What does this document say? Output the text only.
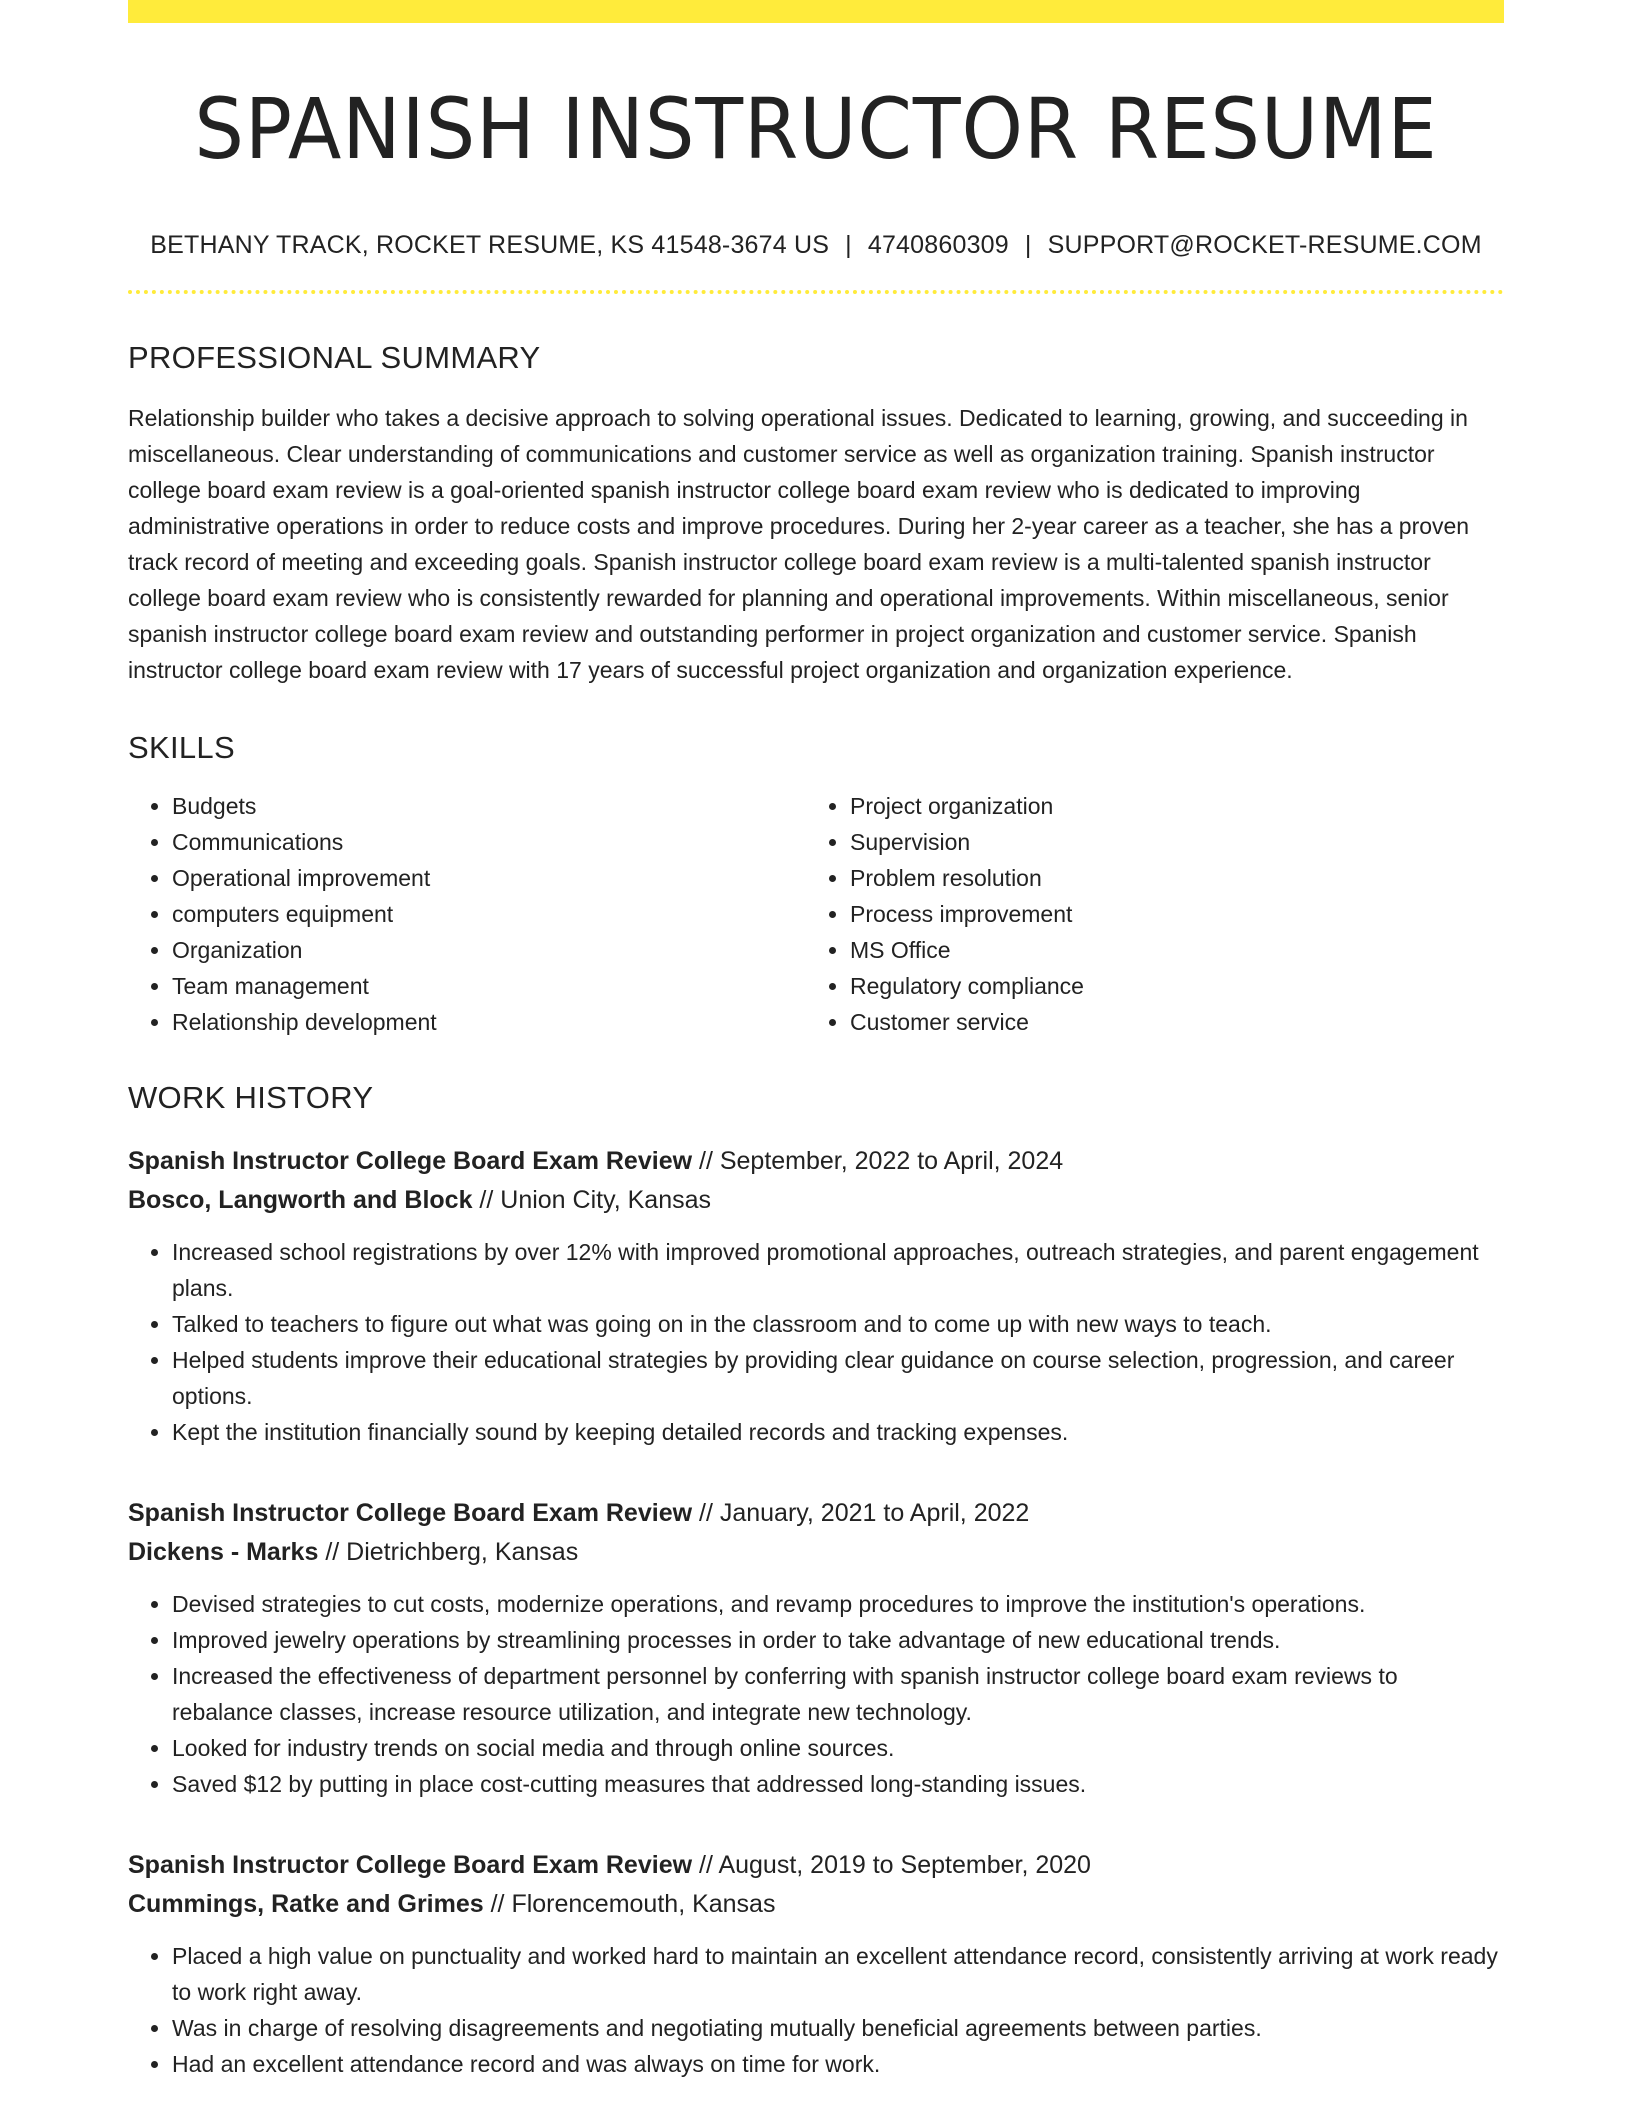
SPANISH INSTRUCTOR RESUME
BETHANY TRACK, ROCKET RESUME, KS 41548-3674 US | 4740860309 | SUPPORT@ROCKET-RESUME.COM
PROFESSIONAL SUMMARY
Relationship builder who takes a decisive approach to solving operational issues. Dedicated to learning, growing, and succeeding in miscellaneous. Clear understanding of communications and customer service as well as organization training. Spanish instructor college board exam review is a goal-oriented spanish instructor college board exam review who is dedicated to improving administrative operations in order to reduce costs and improve procedures. During her 2-year career as a teacher, she has a proven track record of meeting and exceeding goals. Spanish instructor college board exam review is a multi-talented spanish instructor college board exam review who is consistently rewarded for planning and operational improvements. Within miscellaneous, senior spanish instructor college board exam review and outstanding performer in project organization and customer service. Spanish instructor college board exam review with 17 years of successful project organization and organization experience.
SKILLS
• Budgets
• Communications
• Operational improvement
• computers equipment
• Organization
• Team management
• Relationship development
• Project organization
• Supervision
• Problem resolution
• Process improvement
• MS Office
• Regulatory compliance
• Customer service
WORK HISTORY
Spanish Instructor College Board Exam Review // September, 2022 to April, 2024
Bosco, Langworth and Block // Union City, Kansas
• Increased school registrations by over 12% with improved promotional approaches, outreach strategies, and parent engagement plans.
• Talked to teachers to figure out what was going on in the classroom and to come up with new ways to teach.
• Helped students improve their educational strategies by providing clear guidance on course selection, progression, and career options.
• Kept the institution financially sound by keeping detailed records and tracking expenses.
Spanish Instructor College Board Exam Review // January, 2021 to April, 2022
Dickens - Marks // Dietrichberg, Kansas
• Devised strategies to cut costs, modernize operations, and revamp procedures to improve the institution's operations.
• Improved jewelry operations by streamlining processes in order to take advantage of new educational trends.
• Increased the effectiveness of department personnel by conferring with spanish instructor college board exam reviews to rebalance classes, increase resource utilization, and integrate new technology.
• Looked for industry trends on social media and through online sources.
• Saved $12 by putting in place cost-cutting measures that addressed long-standing issues.
Spanish Instructor College Board Exam Review // August, 2019 to September, 2020
Cummings, Ratke and Grimes // Florencemouth, Kansas
• Placed a high value on punctuality and worked hard to maintain an excellent attendance record, consistently arriving at work ready to work right away.
• Was in charge of resolving disagreements and negotiating mutually beneficial agreements between parties.
• Had an excellent attendance record and was always on time for work.
